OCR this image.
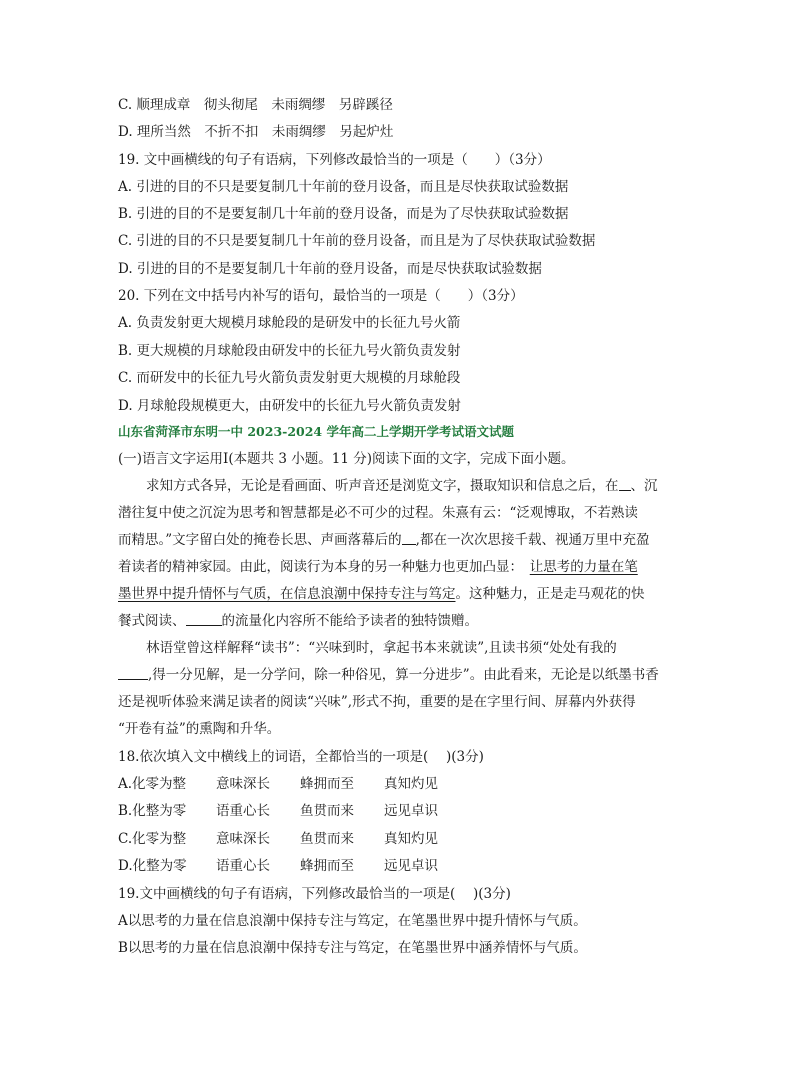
C. 顺理成章　彻头彻尾　未雨绸缪　另辟蹊径
D. 理所当然　不折不扣　未雨绸缪　另起炉灶
19. 文中画横线的句子有语病，下列修改最恰当的一项是（　　）（3分）
A. 引进的目的不只是要复制几十年前的登月设备，而且是尽快获取试验数据
B. 引进的目的不是要复制几十年前的登月设备，而是为了尽快获取试验数据
C. 引进的目的不只是要复制几十年前的登月设备，而且是为了尽快获取试验数据
D. 引进的目的不是要复制几十年前的登月设备，而是尽快获取试验数据
20. 下列在文中括号内补写的语句，最恰当的一项是（　　）（3分）
A. 负责发射更大规模月球舱段的是研发中的长征九号火箭
B. 更大规模的月球舱段由研发中的长征九号火箭负责发射
C. 而研发中的长征九号火箭负责发射更大规模的月球舱段
D. 月球舱段规模更大，由研发中的长征九号火箭负责发射
山东省菏泽市东明一中 2023-2024 学年高二上学期开学考试语文试题
(一)语言文字运用Ⅰ(本题共 3 小题。11 分)阅读下面的文字，完成下面小题。
求知方式各异，无论是看画面、听声音还是浏览文字，摄取知识和信息之后，在 、沉
潜往复中使之沉淀为思考和智慧都是必不可少的过程。朱熹有云：“泛观博取，不若熟读
而精思。”文字留白处的掩卷长思、声画落幕后的 ,都在一次次思接千载、视通万里中充盈
着读者的精神家园。由此，阅读行为本身的另一种魅力也更加凸显：　 让思考的力量在笔
墨世界中提升情怀与气质，在信息浪潮中保持专注与笃定。这种魅力，正是走马观花的快
餐式阅读、	的流量化内容所不能给予读者的独特馈赠。
林语堂曾这样解释“读书”：“兴味到时，拿起书本来就读”,且读书须“处处有我的
,得一分见解，是一分学问，除一种俗见，算一分进步”。由此看来，无论是以纸墨书香
还是视听体验来满足读者的阅读“兴味”,形式不拘，重要的是在字里行间、屏幕内外获得
“开卷有益”的熏陶和升华。
18.依次填入文中横线上的词语，全都恰当的一项是(　 )(3分)
A.化零为整 意味深长 蜂拥而至 真知灼见
B.化整为零 语重心长 鱼贯而来 远见卓识
C.化零为整 意味深长 鱼贯而来 真知灼见
D.化整为零 语重心长 蜂拥而至 远见卓识
19.文中画横线的句子有语病，下列修改最恰当的一项是(　 )(3分)
A以思考的力量在信息浪潮中保持专注与笃定，在笔墨世界中提升情怀与气质。
B以思考的力量在信息浪潮中保持专注与笃定，在笔墨世界中涵养情怀与气质。
